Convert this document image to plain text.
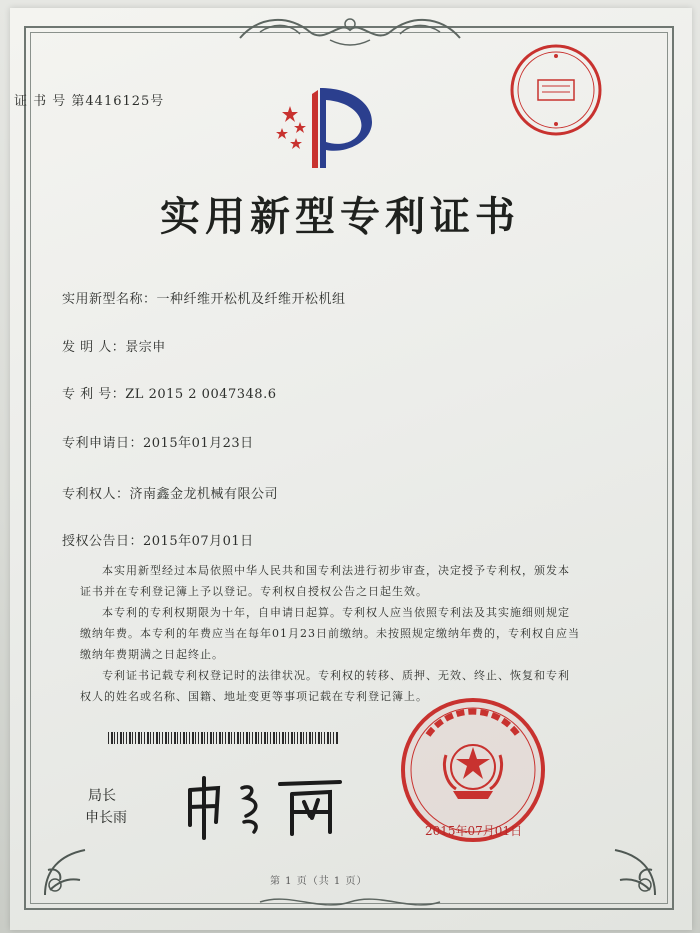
证 书 号 第4416125号
实用新型专利证书
实用新型名称：一种纤维开松机及纤维开松机组
发 明 人：景宗申
专 利 号：ZL 2015 2 0047348.6
专利申请日：2015年01月23日
专利权人：济南鑫金龙机械有限公司
授权公告日：2015年07月01日

本实用新型经过本局依照中华人民共和国专利法进行初步审查，决定授予专利权，颁发本证书并在专利登记簿上予以登记。专利权自授权公告之日起生效。

本专利的专利权期限为十年，自申请日起算。专利权人应当依照专利法及其实施细则规定缴纳年费。本专利的年费应当在每年01月23日前缴纳。未按照规定缴纳年费的，专利权自应当缴纳年费期满之日起终止。

专利证书记载专利权登记时的法律状况。专利权的转移、质押、无效、终止、恢复和专利权人的姓名或名称、国籍、地址变更等事项记载在专利登记簿上。

局长
申长雨
2015年07月01日
第 1 页（共 1 页）
